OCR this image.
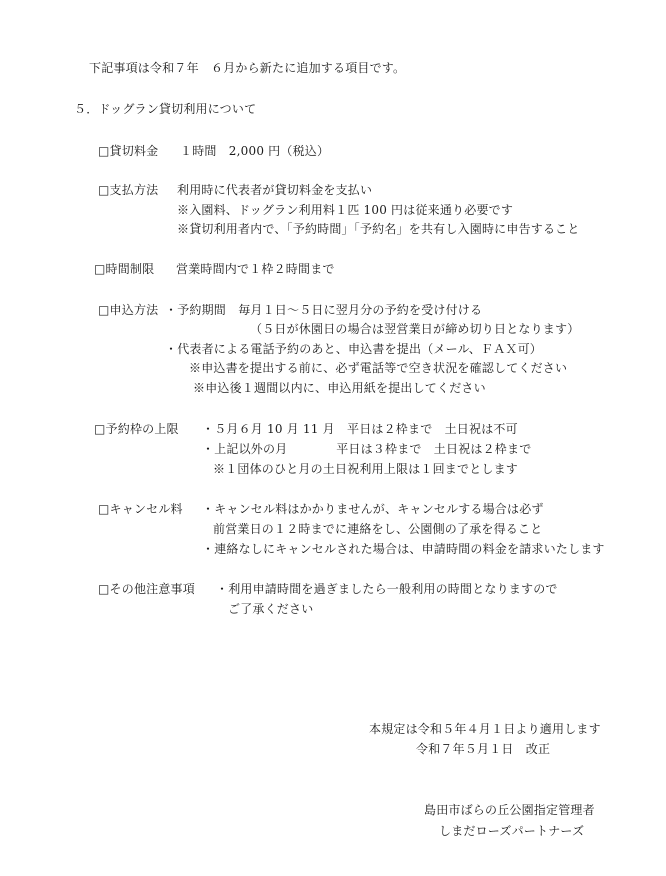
下記事項は令和７年　６月から新たに追加する項目です。
５．ドッグラン貸切利用について
□貸切料金 １時間　2,000 円（税込）
□支払方法 利用時に代表者が貸切料金を支払い
※入園料、ドッグラン利用料１匹 100 円は従来通り必要です
※貸切利用者内で、「予約時間」「予約名」を共有し入園時に申告すること
□時間制限 営業時間内で１枠２時間まで
□申込方法 ・予約期間　毎月１日～５日に翌月分の予約を受け付ける
（５日が休園日の場合は翌営業日が締め切り日となります）
・代表者による電話予約のあと、申込書を提出（メール、ＦＡＸ可）
※申込書を提出する前に、必ず電話等で空き状況を確認してください
※申込後１週間以内に、申込用紙を提出してください
□予約枠の上限 ・５月６月 10 月 11 月　平日は２枠まで　土日祝は不可
・上記以外の月　　　　平日は３枠まで　土日祝は２枠まで
※１団体のひと月の土日祝利用上限は１回までとします
□キャンセル料 ・キャンセル料はかかりませんが、キャンセルする場合は必ず
前営業日の１２時までに連絡をし、公園側の了承を得ること
・連絡なしにキャンセルされた場合は、申請時間の料金を請求いたします
□その他注意事項 ・利用申請時間を過ぎましたら一般利用の時間となりますので
ご了承ください
本規定は令和５年４月１日より適用します
令和７年５月１日　改正
島田市ばらの丘公園指定管理者
しまだローズパートナーズ
